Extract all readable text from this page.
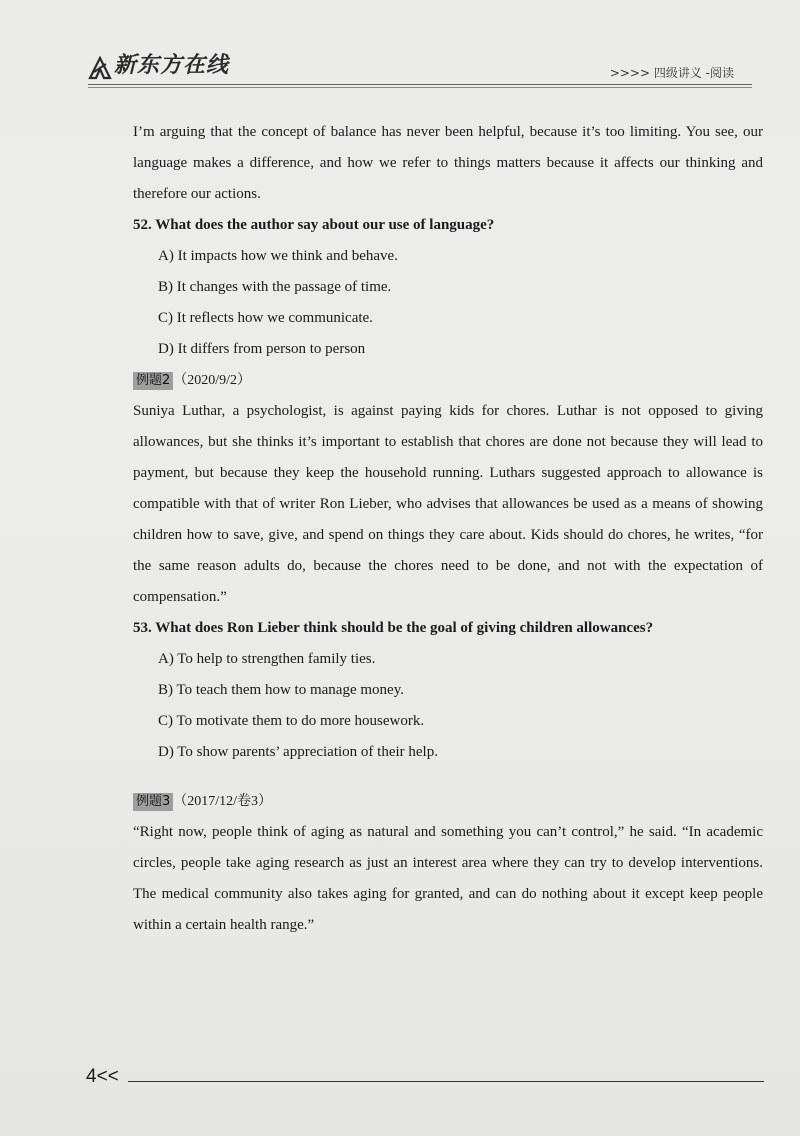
新东方在线	>>>> 四级讲义 -阅读

I’m arguing that the concept of balance has never been helpful, because it’s too limiting. You see, our language makes a difference, and how we refer to things matters because it affects our thinking and therefore our actions.

52. What does the author say about our use of language?

A) It impacts how we think and behave.

B) It changes with the passage of time.

C) It reflects how we communicate.

D) It differs from person to person

例题2 （2020/9/2）

Suniya Luthar, a psychologist, is against paying kids for chores. Luthar is not opposed to giving allowances, but she thinks it’s important to establish that chores are done not because they will lead to payment, but because they keep the household running. Luthars suggested approach to allowance is compatible with that of writer Ron Lieber, who advises that allowances be used as a means of showing children how to save, give, and spend on things they care about. Kids should do chores, he writes, “for the same reason adults do, because the chores need to be done, and not with the expectation of compensation.”

53. What does Ron Lieber think should be the goal of giving children allowances?

A) To help to strengthen family ties.

B) To teach them how to manage money.

C) To motivate them to do more housework.

D) To show parents’ appreciation of their help.

例题3 （2017/12/卷3）

“Right now, people think of aging as natural and something you can’t control,” he said. “In academic circles, people take aging research as just an interest area where they can try to develop interventions. The medical community also takes aging for granted, and can do nothing about it except keep people within a certain health range.”

4<<
